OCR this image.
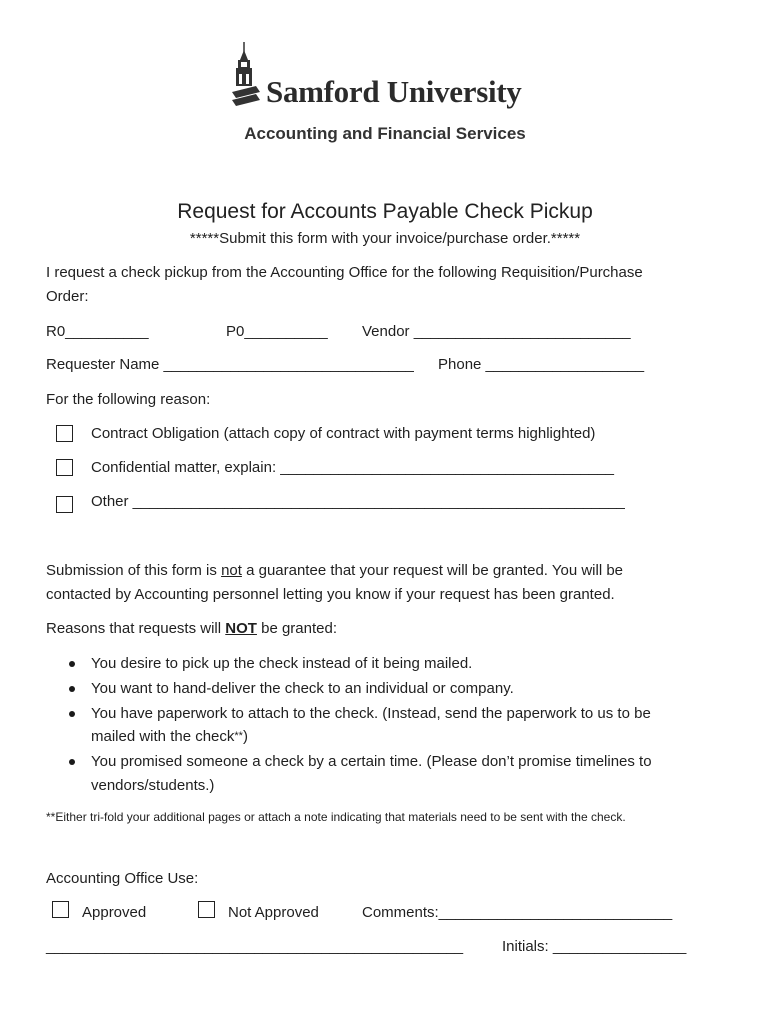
Samford University
Accounting and Financial Services
Request for Accounts Payable Check Pickup
*****Submit this form with your invoice/purchase order.*****
I request a check pickup from the Accounting Office for the following Requisition/Purchase
Order:
R0__________	P0__________ Vendor __________________________
Requester Name ______________________________ Phone ___________________
For the following reason:
Contract Obligation (attach copy of contract with payment terms highlighted)
Confidential matter, explain: ________________________________________
Other ___________________________________________________________
Submission of this form is not a guarantee that your request will be granted. You will be
contacted by Accounting personnel letting you know if your request has been granted.
Reasons that requests will NOT be granted:
You desire to pick up the check instead of it being mailed.
You want to hand-deliver the check to an individual or company.
You have paperwork to attach to the check. (Instead, send the paperwork to us to be
mailed with the check**)
You promised someone a check by a certain time. (Please don’t promise timelines to
vendors/students.)
**Either tri-fold your additional pages or attach a note indicating that materials need to be sent with the check.
Accounting Office Use:
Approved	Not Approved	Comments:____________________________
__________________________________________________	Initials: ________________
